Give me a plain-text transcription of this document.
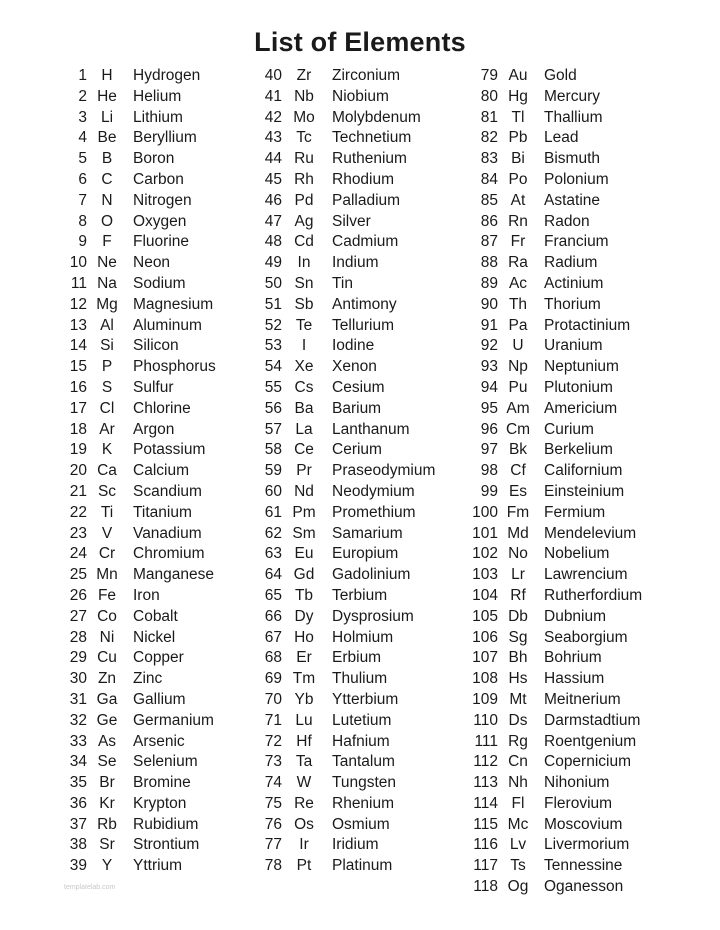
List of Elements
1 H	Hydrogen
2 He	Helium
3 Li	Lithium
4 Be	Beryllium
5 B	Boron
6 C	Carbon
7 N	Nitrogen
8 O	Oxygen
9 F	Fluorine
10 Ne	Neon
11 Na	Sodium
12 Mg Magnesium
13 Al	Aluminum
14 Si	Silicon
15 P	Phosphorus
16 S	Sulfur
17 Cl	Chlorine
18 Ar	Argon
19 K	Potassium
20 Ca	Calcium
21 Sc	Scandium
22 Ti	Titanium
23 V	Vanadium
24 Cr	Chromium
25 Mn Manganese
26 Fe	Iron
27 Co	Cobalt
28 Ni	Nickel
29 Cu	Copper
30 Zn	Zinc
31 Ga	Gallium
32 Ge	Germanium
33 As	Arsenic
34 Se	Selenium
35 Br	Bromine
36 Kr	Krypton
37 Rb	Rubidium
38 Sr	Strontium
39 Y	Yttrium
40 Zr	Zirconium
41 Nb	Niobium
42 Mo	Molybdenum
43 Tc	Technetium
44 Ru	Ruthenium
45 Rh	Rhodium
46 Pd	Palladium
47 Ag	Silver
48 Cd	Cadmium
49	In	Indium
50 Sn	Tin
51 Sb	Antimony
52 Te	Tellurium
53	I	Iodine
54 Xe	Xenon
55 Cs	Cesium
56 Ba	Barium
57 La	Lanthanum
58 Ce	Cerium
59 Pr	Praseodymium
60 Nd	Neodymium
61 Pm	Promethium
62 Sm	Samarium
63 Eu	Europium
64 Gd	Gadolinium
65 Tb	Terbium
66 Dy	Dysprosium
67 Ho	Holmium
68 Er	Erbium
69 Tm	Thulium
70 Yb	Ytterbium
71 Lu	Lutetium
72 Hf	Hafnium
73 Ta	Tantalum
74 W	Tungsten
75 Re	Rhenium
76 Os	Osmium
77	Ir	Iridium
78 Pt	Platinum
79 Au	Gold
80 Hg	Mercury
81 Tl	Thallium
82 Pb	Lead
83 Bi	Bismuth
84 Po	Polonium
85 At	Astatine
86 Rn	Radon
87 Fr	Francium
88 Ra	Radium
89 Ac	Actinium
90 Th	Thorium
91 Pa	Protactinium
92 U	Uranium
93 Np	Neptunium
94 Pu	Plutonium
95 Am Americium
96 Cm Curium
97 Bk	Berkelium
98 Cf	Californium
99 Es	Einsteinium
100 Fm Fermium
101 Md Mendelevium
102 No	Nobelium
103 Lr	Lawrencium
104 Rf	Rutherfordium
105 Db	Dubnium
106 Sg	Seaborgium
107 Bh	Bohrium
108 Hs	Hassium
109 Mt	Meitnerium
110 Ds	Darmstadtium
111 Rg	Roentgenium
112 Cn	Copernicium
113 Nh	Nihonium
114 Fl	Flerovium
115 Mc	Moscovium
116 Lv	Livermorium
117 Ts	Tennessine
118 Og	Oganesson
templatelab.com
